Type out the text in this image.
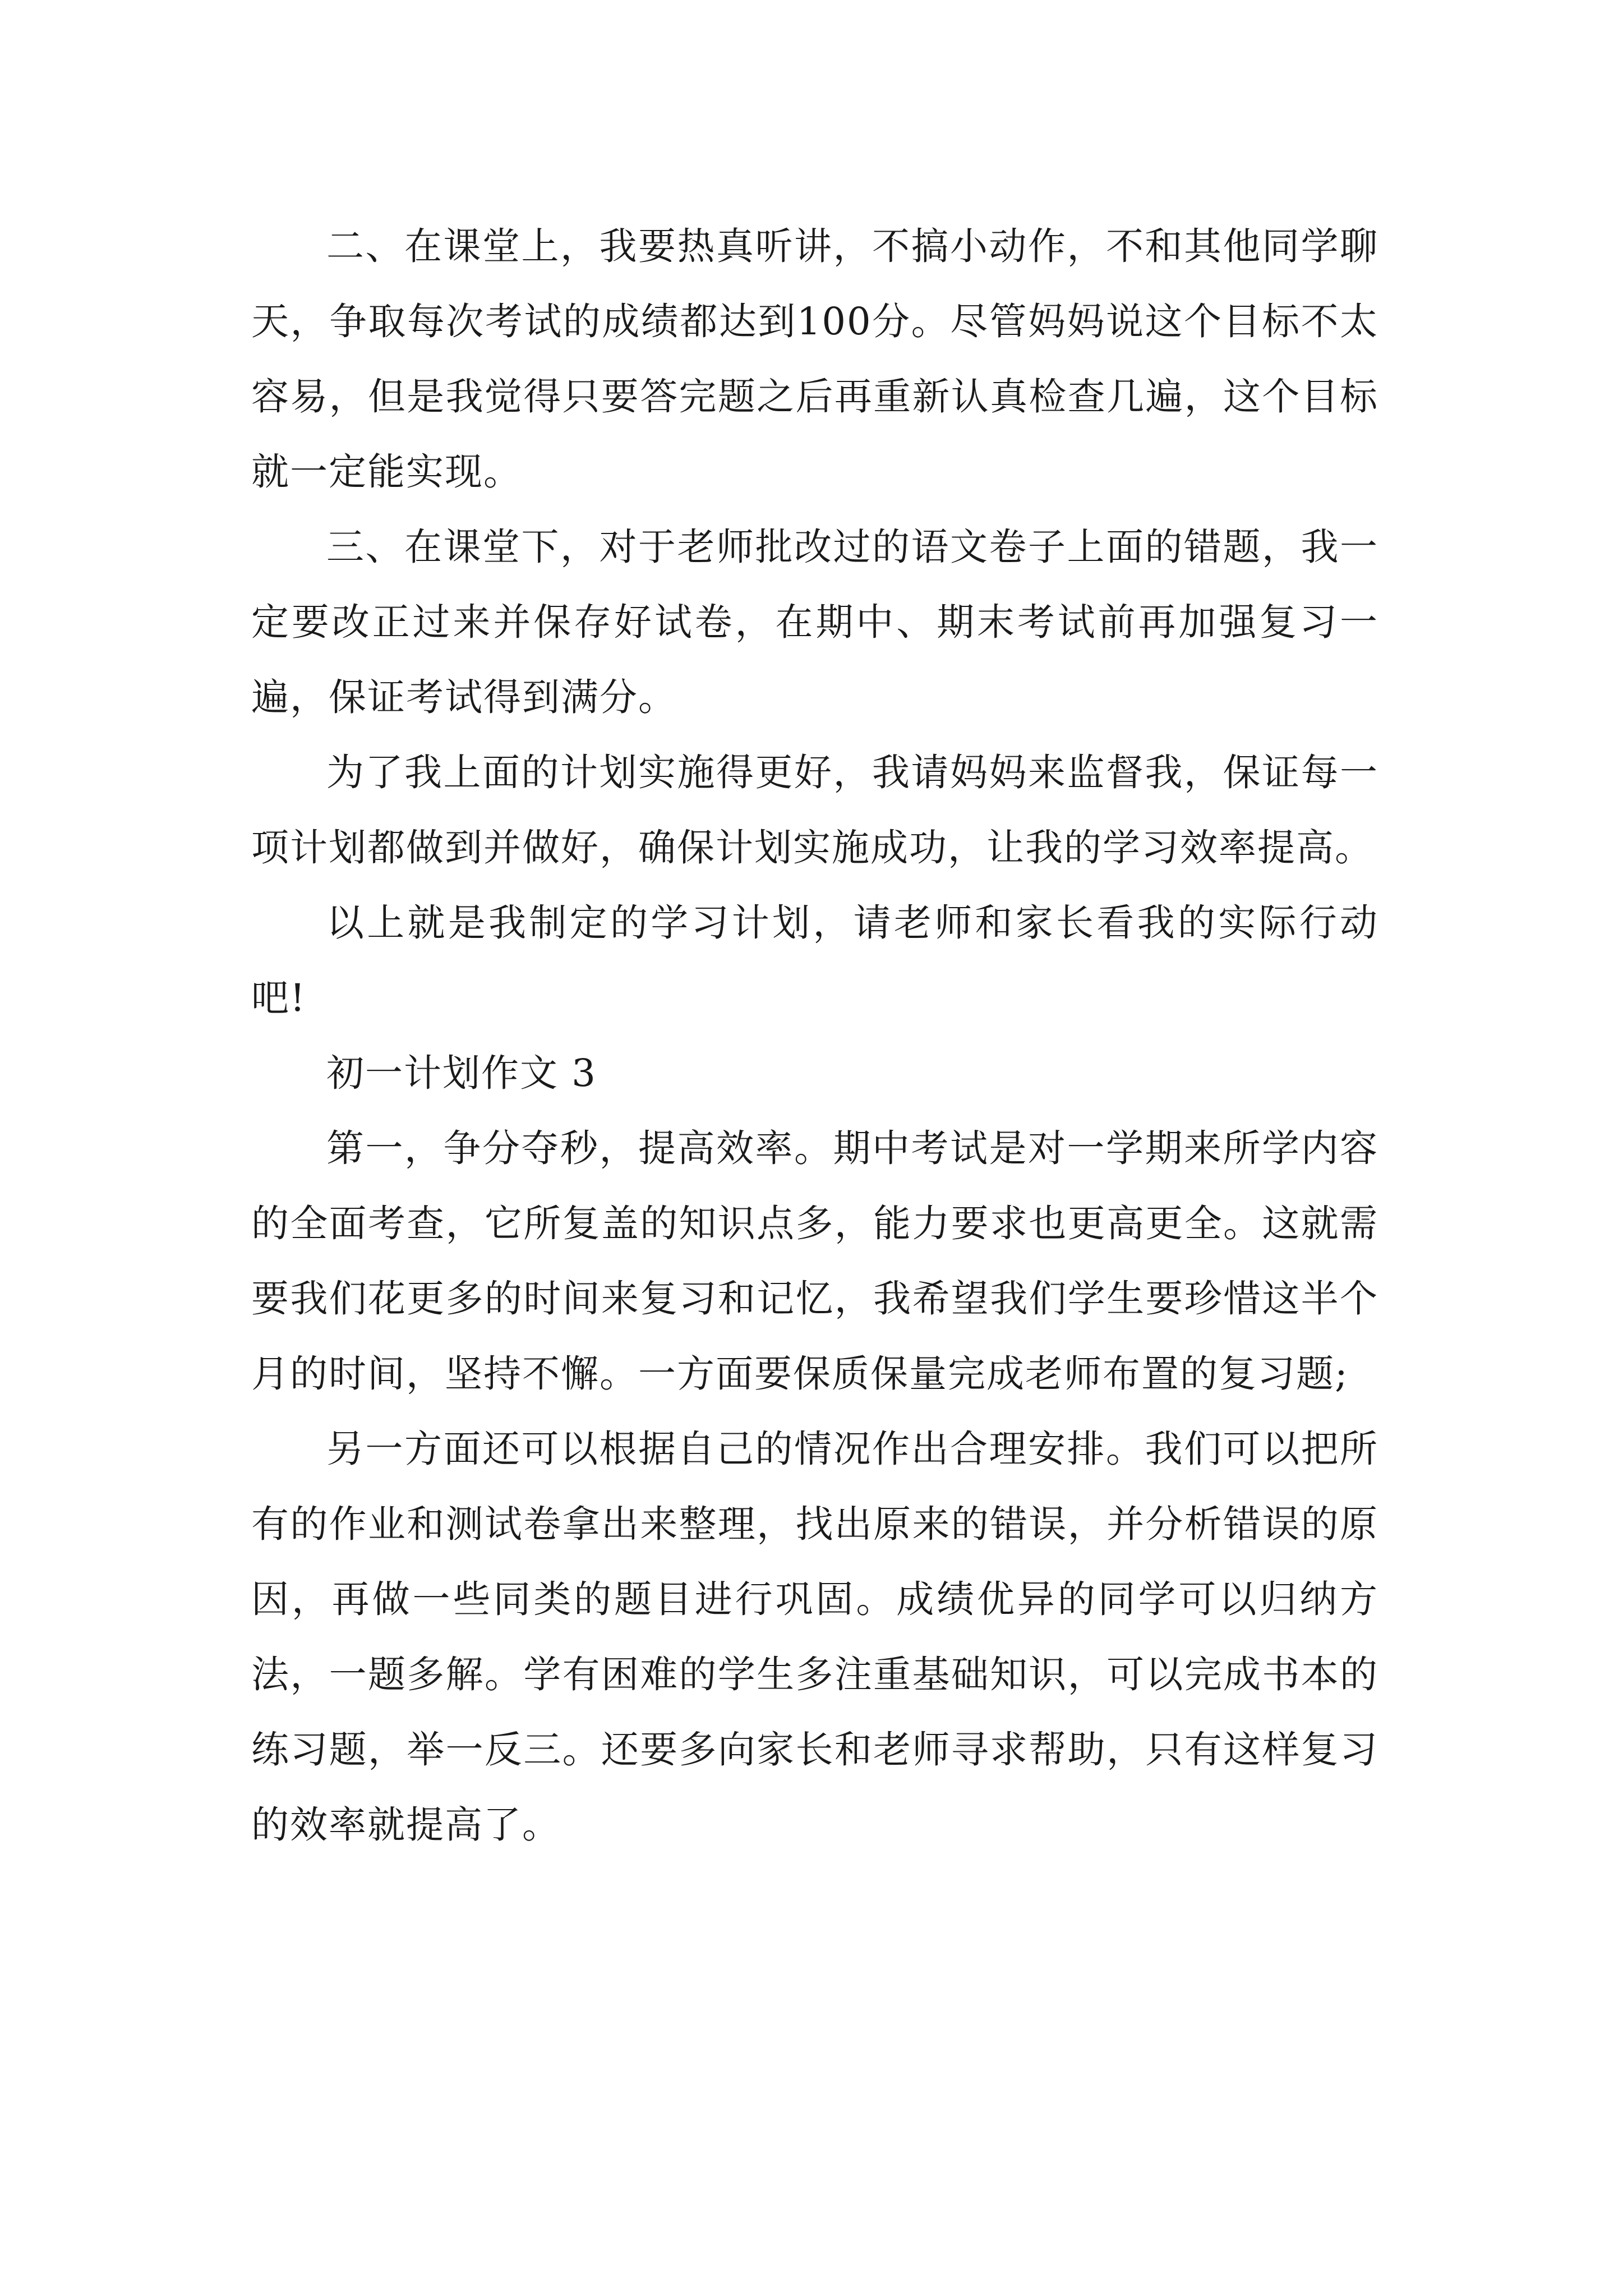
二、在课堂上，我要热真听讲，不搞小动作，不和其他同学聊天，争取每次考试的成绩都达到100分。尽管妈妈说这个目标不太容易，但是我觉得只要答完题之后再重新认真检查几遍，这个目标就一定能实现。

三、在课堂下，对于老师批改过的语文卷子上面的错题，我一定要改正过来并保存好试卷，在期中、期末考试前再加强复习一遍，保证考试得到满分。

为了我上面的计划实施得更好，我请妈妈来监督我，保证每一项计划都做到并做好，确保计划实施成功，让我的学习效率提高。

以上就是我制定的学习计划，请老师和家长看我的实际行动吧!

初一计划作文 3

第一，争分夺秒，提高效率。期中考试是对一学期来所学内容的全面考查，它所复盖的知识点多，能力要求也更高更全。这就需要我们花更多的时间来复习和记忆，我希望我们学生要珍惜这半个月的时间，坚持不懈。一方面要保质保量完成老师布置的复习题;

另一方面还可以根据自己的情况作出合理安排。我们可以把所有的作业和测试卷拿出来整理，找出原来的错误，并分析错误的原因，再做一些同类的题目进行巩固。成绩优异的同学可以归纳方法，一题多解。学有困难的学生多注重基础知识，可以完成书本的练习题，举一反三。还要多向家长和老师寻求帮助，只有这样复习的效率就提高了。
